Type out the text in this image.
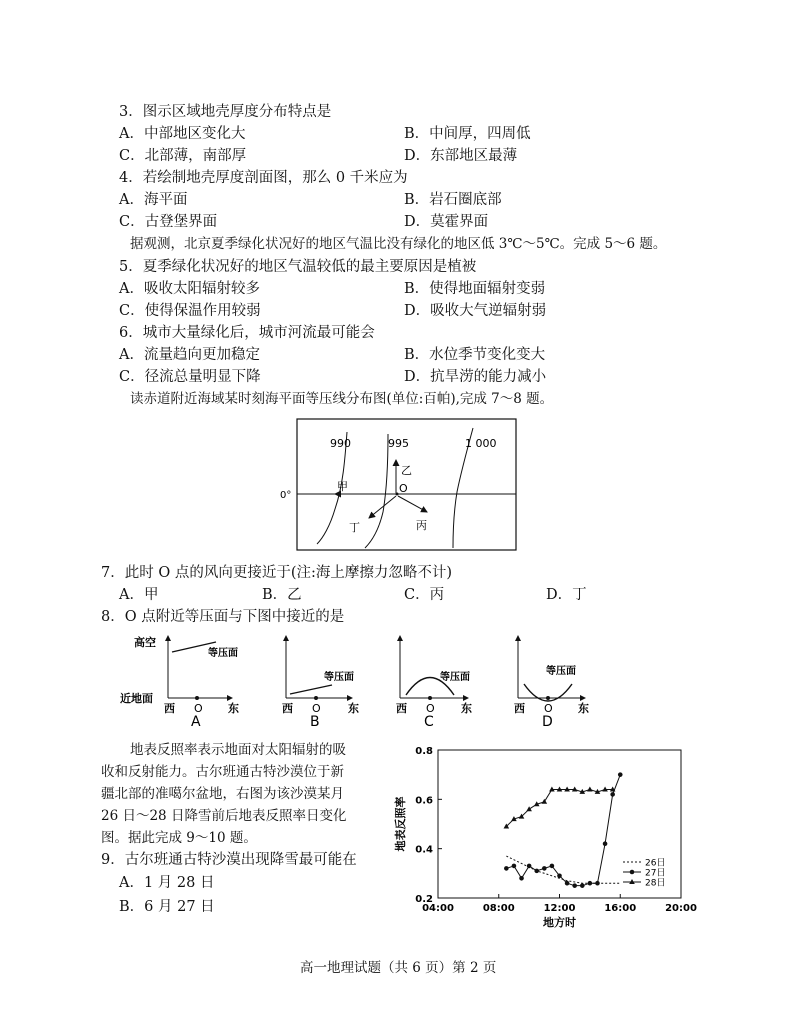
3．图示区域地壳厚度分布特点是
A．中部地区变化大	B．中间厚，四周低
C．北部薄，南部厚	D．东部地区最薄
4．若绘制地壳厚度剖面图，那么 0 千米应为
A．海平面	B．岩石圈底部
C．古登堡界面	D．莫霍界面
据观测，北京夏季绿化状况好的地区气温比没有绿化的地区低 3℃～5℃。完成 5～6 题。
5．夏季绿化状况好的地区气温较低的最主要原因是植被
A．吸收太阳辐射较多	B．使得地面辐射变弱
C．使得保温作用较弱	D．吸收大气逆辐射弱
6．城市大量绿化后，城市河流最可能会
A．流量趋向更加稳定	B．水位季节变化变大
C．径流总量明显下降	D．抗旱涝的能力减小
读赤道附近海域某时刻海平面等压线分布图(单位:百帕),完成 7～8 题。
0°
990	995	1 000
O
甲
乙
丙
丁
7．此时 O 点的风向更接近于(注:海上摩擦力忽略不计)
A．甲	B．乙	C．丙	D．丁
8．O 点附近等压面与下图中接近的是
高空
近地面
等压面
西 O 东
A
等压面
西 O 东
B
等压面
西 O 东
C
等压面
西 O 东
D
地表反照率表示地面对太阳辐射的吸
收和反射能力。古尔班通古特沙漠位于新
疆北部的准噶尔盆地，右图为该沙漠某月
26 日～28 日降雪前后地表反照率日变化
图。据此完成 9～10 题。
9．古尔班通古特沙漠出现降雪最可能在
A．1 月 28 日
B．6 月 27 日	04:00	08:00	12:00	16:00	20:00
0.2
0.4
0.6
0.8
26日
27日
28日
地方时
地表反照率
高一地理试题（共 6 页）第 2 页
